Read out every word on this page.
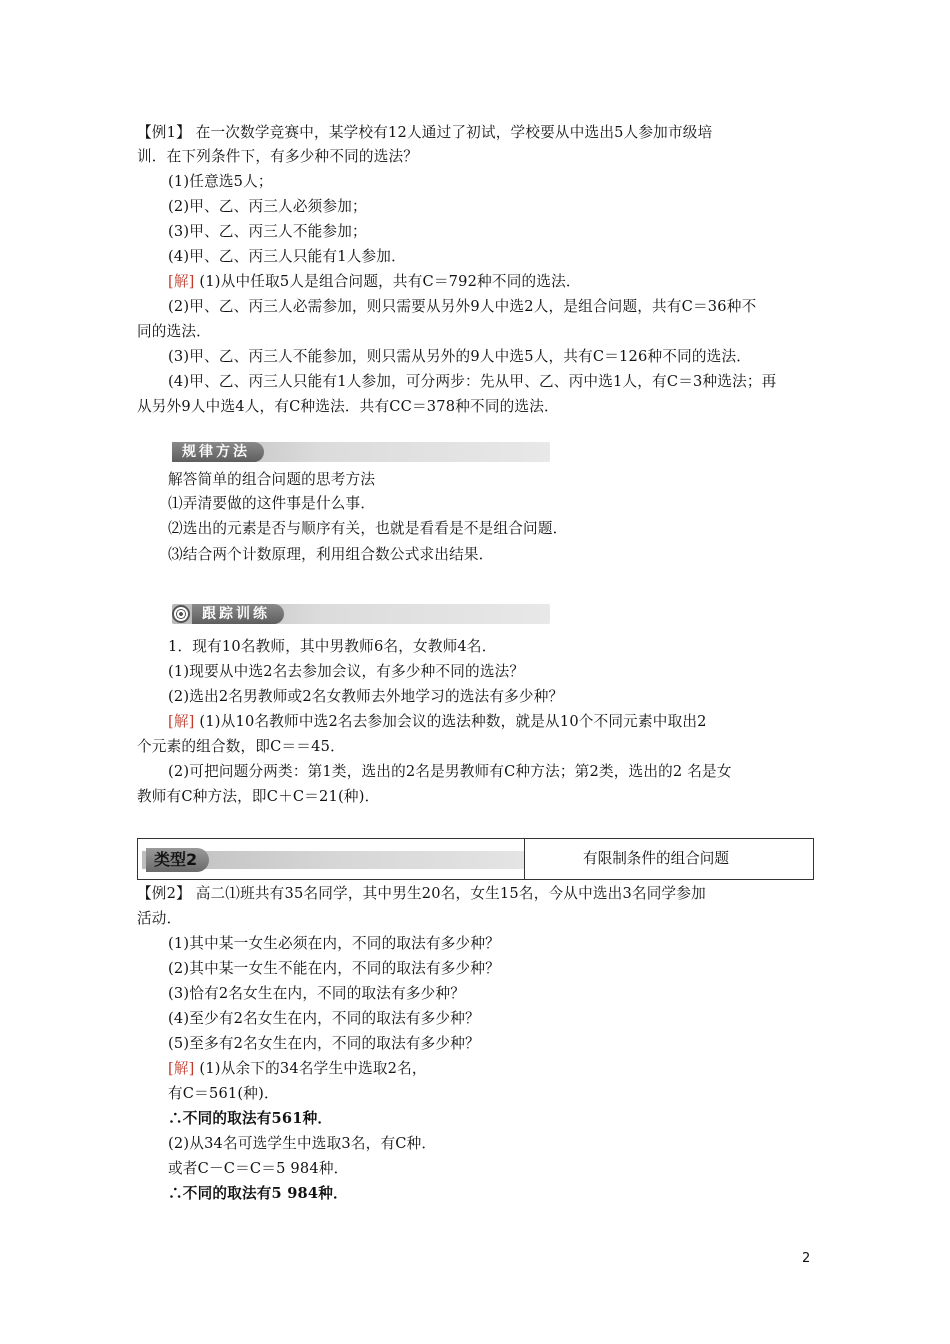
【例1】 在一次数学竞赛中，某学校有12人通过了初试，学校要从中选出5人参加市级培
训．在下列条件下，有多少种不同的选法？
(1)任意选5人；
(2)甲、乙、丙三人必须参加；
(3)甲、乙、丙三人不能参加；
(4)甲、乙、丙三人只能有1人参加．
[解] (1)从中任取5人是组合问题，共有C＝792种不同的选法．
(2)甲、乙、丙三人必需参加，则只需要从另外9人中选2人，是组合问题，共有C＝36种不
同的选法．
(3)甲、乙、丙三人不能参加，则只需从另外的9人中选5人，共有C＝126种不同的选法．
(4)甲、乙、丙三人只能有1人参加，可分两步：先从甲、乙、丙中选1人，有C＝3种选法；再
从另外9人中选4人，有C种选法．共有CC＝378种不同的选法．
规律方法
解答简单的组合问题的思考方法
⑴弄清要做的这件事是什么事．
⑵选出的元素是否与顺序有关，也就是看看是不是组合问题．
⑶结合两个计数原理，利用组合数公式求出结果．
跟踪训练
1．现有10名教师，其中男教师6名，女教师4名．
(1)现要从中选2名去参加会议，有多少种不同的选法？
(2)选出2名男教师或2名女教师去外地学习的选法有多少种？
[解] (1)从10名教师中选2名去参加会议的选法种数，就是从10个不同元素中取出2
个元素的组合数，即C＝＝45．
(2)可把问题分两类：第1类，选出的2名是男教师有C种方法；第2类，选出的2 名是女
教师有C种方法，即C＋C＝21(种)．
类型2	有限制条件的组合问题
【例2】 高二⑴班共有35名同学，其中男生20名，女生15名，今从中选出3名同学参加
活动．
(1)其中某一女生必须在内，不同的取法有多少种？
(2)其中某一女生不能在内，不同的取法有多少种？
(3)恰有2名女生在内，不同的取法有多少种？
(4)至少有2名女生在内，不同的取法有多少种？
(5)至多有2名女生在内，不同的取法有多少种？
[解] (1)从余下的34名学生中选取2名，
有C＝561(种)．
∴不同的取法有561种．
(2)从34名可选学生中选取3名，有C种．
或者C－C＝C＝5 984种．
∴不同的取法有5 984种．
2
